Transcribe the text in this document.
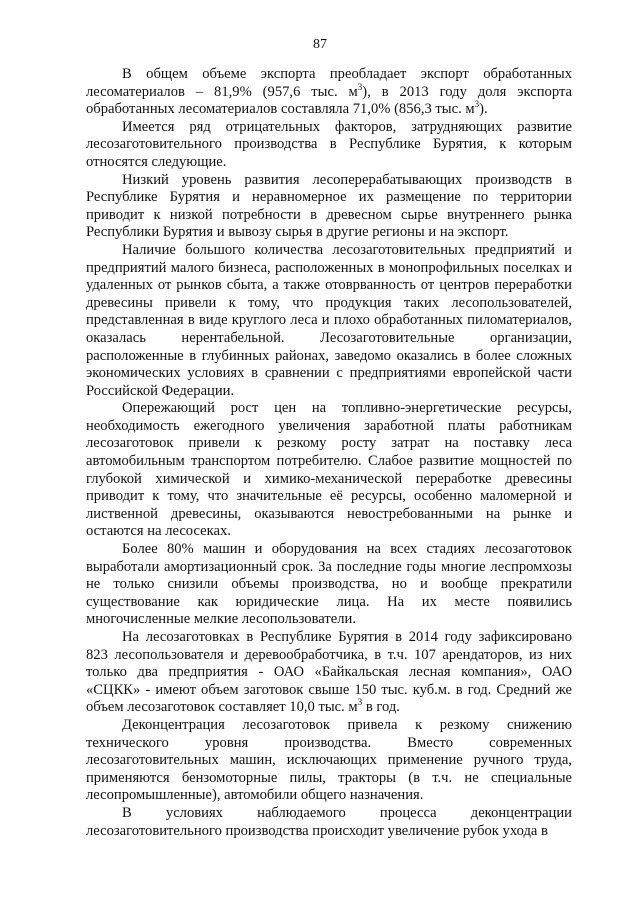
87

В общем объеме экспорта преобладает экспорт обработанных лесоматериалов – 81,9% (957,6 тыс. $м^3$), в 2013 году доля экспорта обработанных лесоматериалов составляла 71,0% (856,3 тыс. $м^3$).

Имеется ряд отрицательных факторов, затрудняющих развитие лесозаготовительного производства в Республике Бурятия, к которым относятся следующие.

Низкий уровень развития лесоперерабатывающих производств в Республике Бурятия и неравномерное их размещение по территории приводит к низкой потребности в древесном сырье внутреннего рынка Республики Бурятия и вывозу сырья в другие регионы и на экспорт.

Наличие большого количества лесозаготовительных предприятий и предприятий малого бизнеса, расположенных в монопрофильных поселках и удаленных от рынков сбыта, а также отоврванность от центров переработки древесины привели к тому, что продукция таких лесопользователей, представленная в виде круглого леса и плохо обработанных пиломатериалов, оказалась нерентабельной. Лесозаготовительные организации, расположенные в глубинных районах, заведомо оказались в более сложных экономических условиях в сравнении с предприятиями европейской части Российской Федерации.

Опережающий рост цен на топливно-энергетические ресурсы, необходимость ежегодного увеличения заработной платы работникам лесозаготовок привели к резкому росту затрат на поставку леса автомобильным транспортом потребителю. Слабое развитие мощностей по глубокой химической и химико-механической переработке древесины приводит к тому, что значительные её ресурсы, особенно маломерной и лиственной древесины, оказываются невостребованными на рынке и остаются на лесосеках.

Более 80% машин и оборудования на всех стадиях лесозаготовок выработали амортизационный срок. За последние годы многие леспромхозы не только снизили объемы производства, но и вообще прекратили существование как юридические лица. На их месте появились многочисленные мелкие лесопользователи.

На лесозаготовках в Республике Бурятия в 2014 году зафиксировано 823 лесопользователя и деревообработчика, в т.ч. 107 арендаторов, из них только два предприятия - ОАО «Байкальская лесная компания», ОАО «СЦКК» - имеют объем заготовок свыше 150 тыс. куб.м. в год. Средний же объем лесозаготовок составляет 10,0 тыс. $м^3$ в год.

Деконцентрация лесозаготовок привела к резкому снижению технического уровня производства. Вместо современных лесозаготовительных машин, исключающих применение ручного труда, применяются бензомоторные пилы, тракторы (в т.ч. не специальные лесопромышленные), автомобили общего назначения.

В условиях наблюдаемого процесса деконцентрации лесозаготовительного производства происходит увеличение рубок ухода в
